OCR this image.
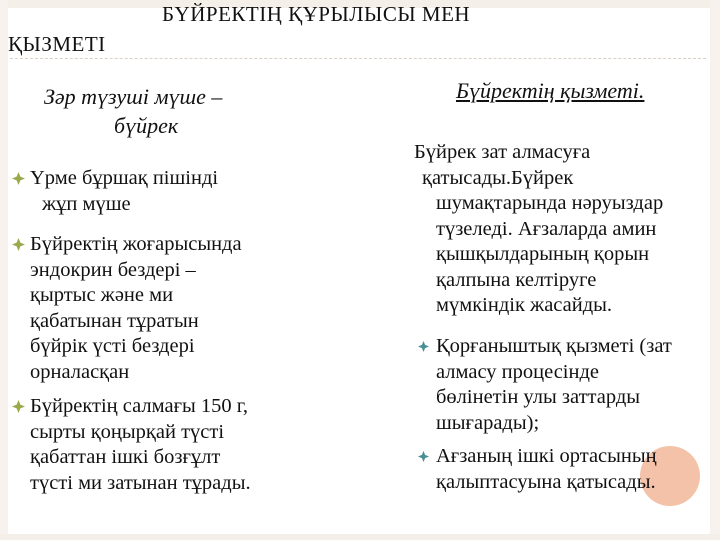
БҮЙРЕКТІҢ ҚҰРЫЛЫСЫ МЕН
ҚЫЗМЕТІ
Зәр түзуші мүше –
бүйрек
Үрме бұршақ пішінді
жұп мүше
Бүйректің жоғарысында
эндокрин бездері –
қыртыс және ми
қабатынан тұратын
бүйрік үсті бездері
орналасқан
Бүйректің салмағы 150 г,
сырты қоңырқай түсті
қабаттан ішкі бозғұлт
түсті ми затынан тұрады.
Бүйректің қызметі.
Бүйрек зат алмасуға
қатысады.Бүйрек
шумақтарында нәруыздар
түзеледі. Ағзаларда амин
қышқылдарының қорын
қалпына келтіруге
мүмкіндік жасайды.
Қорғаныштық қызметі (зат
алмасу процесінде
бөлінетін улы заттарды
шығарады);
Ағзаның ішкі ортасының
қалыптасуына қатысады.
